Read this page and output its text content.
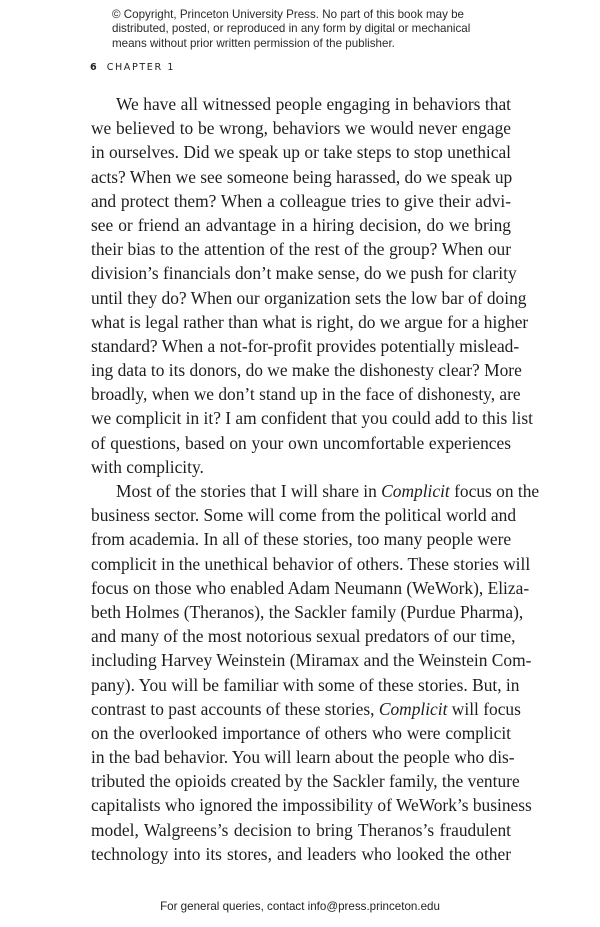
© Copyright, Princeton University Press. No part of this book may be
distributed, posted, or reproduced in any form by digital or mechanical
means without prior written permission of the publisher.
6 CHAPTER 1
We have all witnessed people engaging in behaviors that
we believed to be wrong, behaviors we would never engage
in ourselves. Did we speak up or take steps to stop unethical
acts? When we see someone being harassed, do we speak up
and protect them? When a colleague tries to give their advi-
see or friend an advantage in a hiring decision, do we bring
their bias to the attention of the rest of the group? When our
division’s financials don’t make sense, do we push for clarity
until they do? When our organization sets the low bar of doing
what is legal rather than what is right, do we argue for a higher
standard? When a not-for-profit provides potentially mislead-
ing data to its donors, do we make the dishonesty clear? More
broadly, when we don’t stand up in the face of dishonesty, are
we complicit in it? I am confident that you could add to this list
of questions, based on your own uncomfortable experiences
with complicity.
Most of the stories that I will share in Complicit focus on the
business sector. Some will come from the political world and
from academia. In all of these stories, too many people were
complicit in the unethical behavior of others. These stories will
focus on those who enabled Adam Neumann (WeWork), Eliza-
beth Holmes (Theranos), the Sackler family (Purdue Pharma),
and many of the most notorious sexual predators of our time,
including Harvey Weinstein (Miramax and the Weinstein Com-
pany). You will be familiar with some of these stories. But, in
contrast to past accounts of these stories, Complicit will focus
on the overlooked importance of others who were complicit
in the bad behavior. You will learn about the people who dis-
tributed the opioids created by the Sackler family, the venture
capitalists who ignored the impossibility of WeWork’s business
model, Walgreens’s decision to bring Theranos’s fraudulent
technology into its stores, and leaders who looked the other
For general queries, contact info@press.princeton.edu
